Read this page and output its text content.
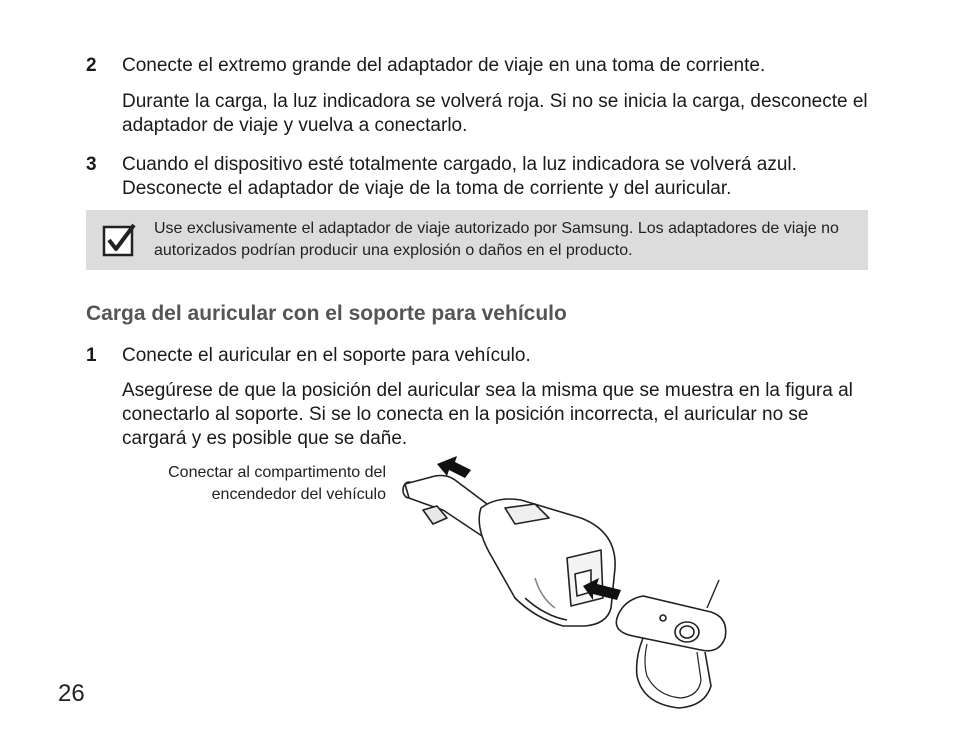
2 Conecte el extremo grande del adaptador de viaje en una toma de corriente.
Durante la carga, la luz indicadora se volverá roja. Si no se inicia la carga, desconecte el adaptador de viaje y vuelva a conectarlo.
3 Cuando el dispositivo esté totalmente cargado, la luz indicadora se volverá azul. Desconecte el adaptador de viaje de la toma de corriente y del auricular.
Use exclusivamente el adaptador de viaje autorizado por Samsung. Los adaptadores de viaje no autorizados podrían producir una explosión o daños en el producto.
Carga del auricular con el soporte para vehículo
1 Conecte el auricular en el soporte para vehículo.
Asegúrese de que la posición del auricular sea la misma que se muestra en la figura al conectarlo al soporte. Si se lo conecta en la posición incorrecta, el auricular no se cargará y es posible que se dañe.
Conectar al compartimento del encendedor del vehículo
26
